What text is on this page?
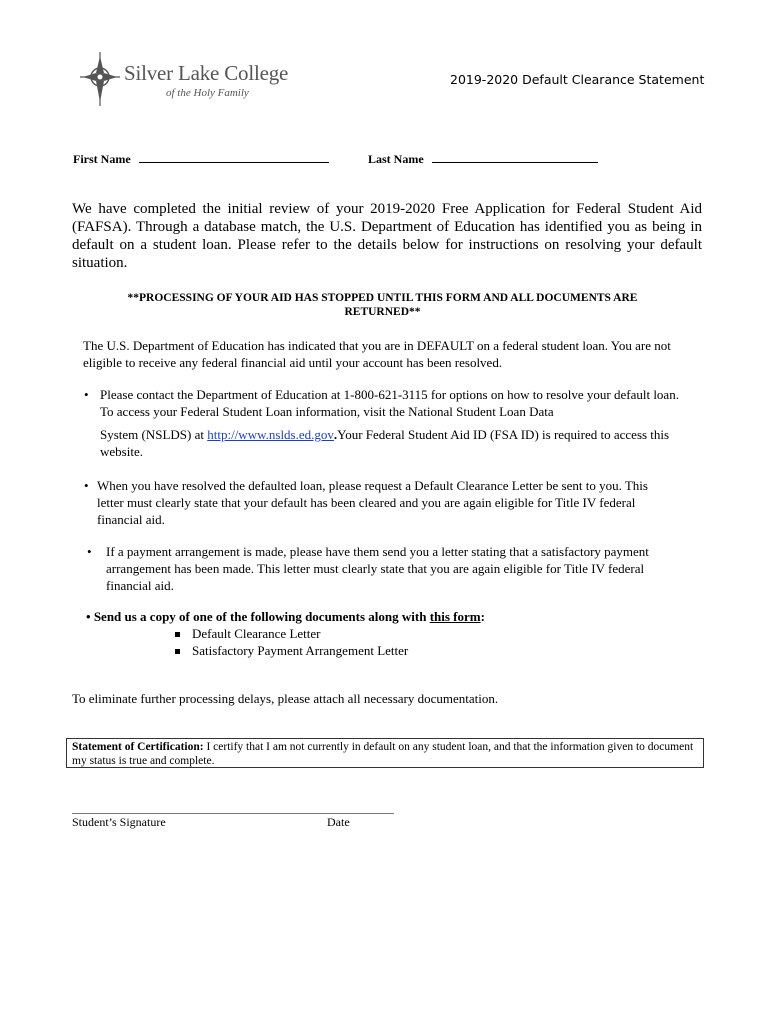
Silver Lake College
of the Holy Family
2019-2020 Default Clearance Statement
First Name	Last Name
We have completed the initial review of your 2019-2020 Free Application for Federal Student Aid (FAFSA). Through a database match, the U.S. Department of Education has identified you as being in default on a student loan. Please refer to the details below for instructions on resolving your default situation.
**PROCESSING OF YOUR AID HAS STOPPED UNTIL THIS FORM AND ALL DOCUMENTS ARE RETURNED**
The U.S. Department of Education has indicated that you are in DEFAULT on a federal student loan. You are not eligible to receive any federal financial aid until your account has been resolved.
• Please contact the Department of Education at 1-800-621-3115 for options on how to resolve your default loan. To access your Federal Student Loan information, visit the National Student Loan Data
System (NSLDS) at http://www.nslds.ed.gov.Your Federal Student Aid ID (FSA ID) is required to access this website.
• When you have resolved the defaulted loan, please request a Default Clearance Letter be sent to you. This letter must clearly state that your default has been cleared and you are again eligible for Title IV federal financial aid.
•	If a payment arrangement is made, please have them send you a letter stating that a satisfactory payment arrangement has been made. This letter must clearly state that you are again eligible for Title IV federal financial aid.
• Send us a copy of one of the following documents along with this form:
Default Clearance Letter
Satisfactory Payment Arrangement Letter
To eliminate further processing delays, please attach all necessary documentation.
Statement of Certification: I certify that I am not currently in default on any student loan, and that the information given to document my status is true and complete.
Student’s Signature	Date
